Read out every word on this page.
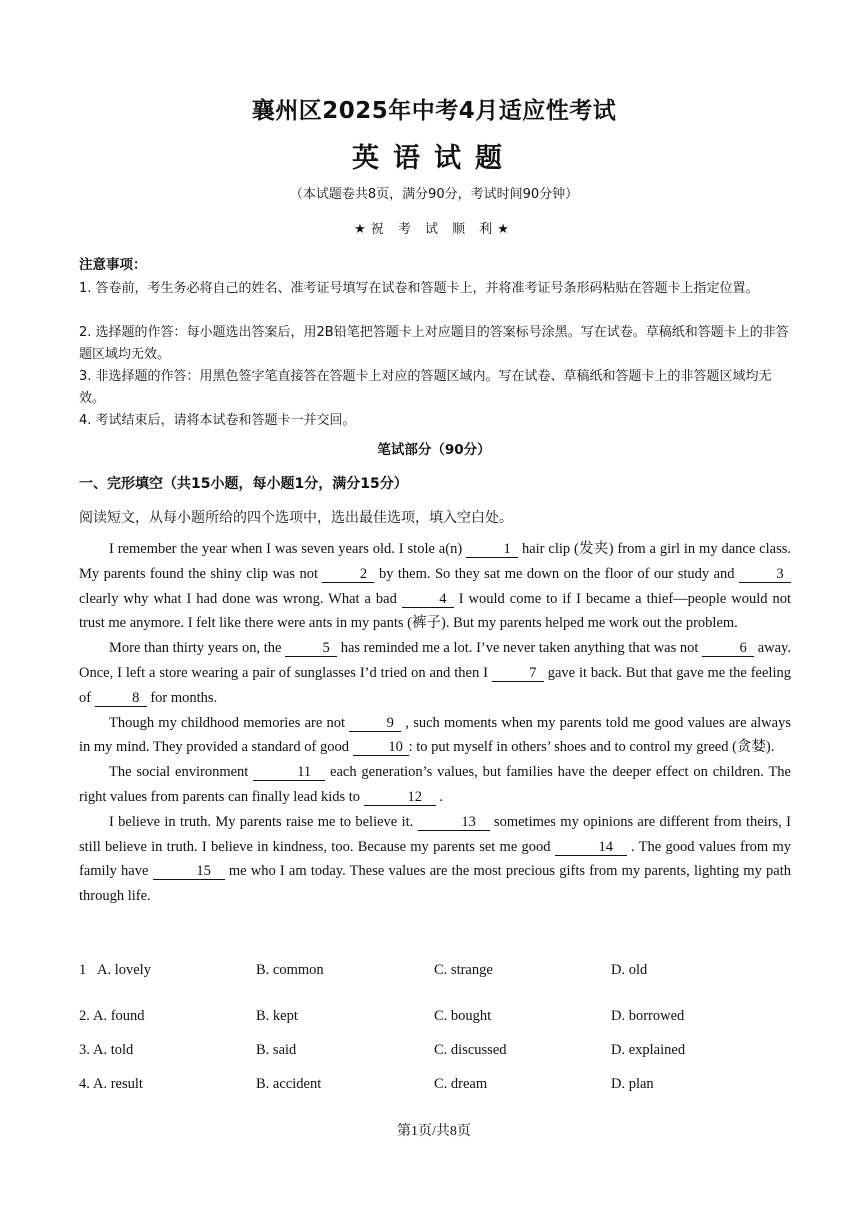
襄州区2025年中考4月适应性考试
英语试题
（本试题卷共8页，满分90分，考试时间90分钟）
★祝 考 试 顺 利★
注意事项：
1. 答卷前，考生务必将自己的姓名、准考证号填写在试卷和答题卡上，并将准考证号条形码粘贴在答题卡上指定位置。
2. 选择题的作答：每小题选出答案后，用2B铅笔把答题卡上对应题目的答案标号涂黑。写在试卷。草稿纸和答题卡上的非答题区域均无效。
3. 非选择题的作答：用黑色签字笔直接答在答题卡上对应的答题区域内。写在试卷、草稿纸和答题卡上的非答题区域均无效。
4. 考试结束后，请将本试卷和答题卡一并交回。
笔试部分（90分）
一、完形填空（共15小题，每小题1分，满分15分）
阅读短文，从每小题所给的四个选项中，选出最佳选项，填入空白处。

I remember the year when I was seven years old. I stole a(n)	1 hair clip (发夹) from a girl in my dance class. My parents found the shiny clip was not	2 by them. So they sat me down on the floor of our study and	3 clearly why what I had done was wrong. What a bad	4 I would come to if I became a thief—people would not trust me anymore. I felt like there were ants in my pants (裤子). But my parents helped me work out the problem.

More than thirty years on, the	5 has reminded me a lot. I’ve never taken anything that was not	6 away. Once, I left a store wearing a pair of sunglasses I’d tried on and then I	7 gave it back. But that gave me the feeling of	8 for months.

Though my childhood memories are not	9 , such moments when my parents told me good values are always in my mind. They provided a standard of good 10 : to put myself in others’ shoes and to control my greed (贪婪).

The social environment	11 each generation’s values, but families have the deeper effect on children. The right values from parents can finally lead kids to	12 .

I believe in truth. My parents raise me to believe it.	13 sometimes my opinions are different from theirs, I still believe in truth. I believe in kindness, too. Because my parents set me good	14 . The good values from my family have	15 me who I am today. These values are the most precious gifts from my parents, lighting my path through life.

1 A. lovely	B. common	C. strange	D. old
2. A. found	B. kept	C. bought	D. borrowed
3. A. told	B. said	C. discussed	D. explained
4. A. result	B. accident	C. dream	D. plan
第1页/共8页
